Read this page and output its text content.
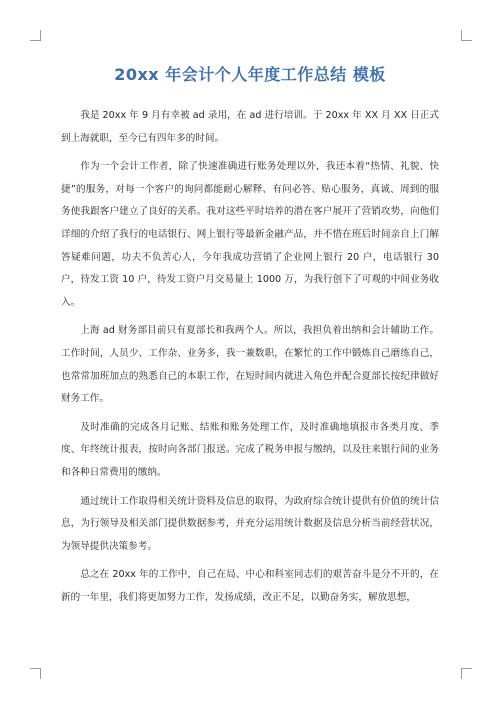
20xx 年会计个人年度工作总结 模板

我是 20xx 年 9 月有幸被 ad 录用，在 ad 进行培训。于 20xx 年 XX 月 XX 日正式到上海就职，至今已有四年多的时间。

作为一个会计工作者，除了快速准确进行账务处理以外，我还本着“热情、礼貌、快捷”的服务，对每一个客户的询问都能耐心解释、有问必答、贴心服务，真诚、周到的服务使我跟客户建立了良好的关系。我对这些平时培养的潜在客户展开了营销攻势，向他们详细的介绍了我行的电话银行、网上银行等最新金融产品，并不惜在班后时间亲自上门解答疑难问题，功夫不负苦心人，今年我成功营销了企业网上银行 20 户，电话银行 30 户，待发工资 10 户，待发工资户月交易量上 1000 万，为我行创下了可观的中间业务收入。

上海 ad 财务部目前只有夏部长和我两个人。所以，我担负着出纳和会计辅助工作。工作时间，人员少、工作杂、业务多，我一兼数职，在繁忙的工作中锻炼自己磨练自己，也常常加班加点的熟悉自己的本职工作，在短时间内就进入角色并配合夏部长按纪律做好财务工作。

及时准确的完成各月记账、结账和账务处理工作，及时准确地填报市各类月度、季度、年终统计报表，按时向各部门报送。完成了税务申报与缴纳，以及往来银行间的业务和各种日常费用的缴纳。

通过统计工作取得相关统计资料及信息的取得，为政府综合统计提供有价值的统计信息，为行领导及相关部门提供数据参考，并充分运用统计数据及信息分析当前经营状况，为领导提供决策参考。

总之在 20xx 年的工作中，自己在局、中心和科室同志们的艰苦奋斗是分不开的，在新的一年里，我们将更加努力工作，发扬成绩，改正不足，以勤奋务实，解放思想，
